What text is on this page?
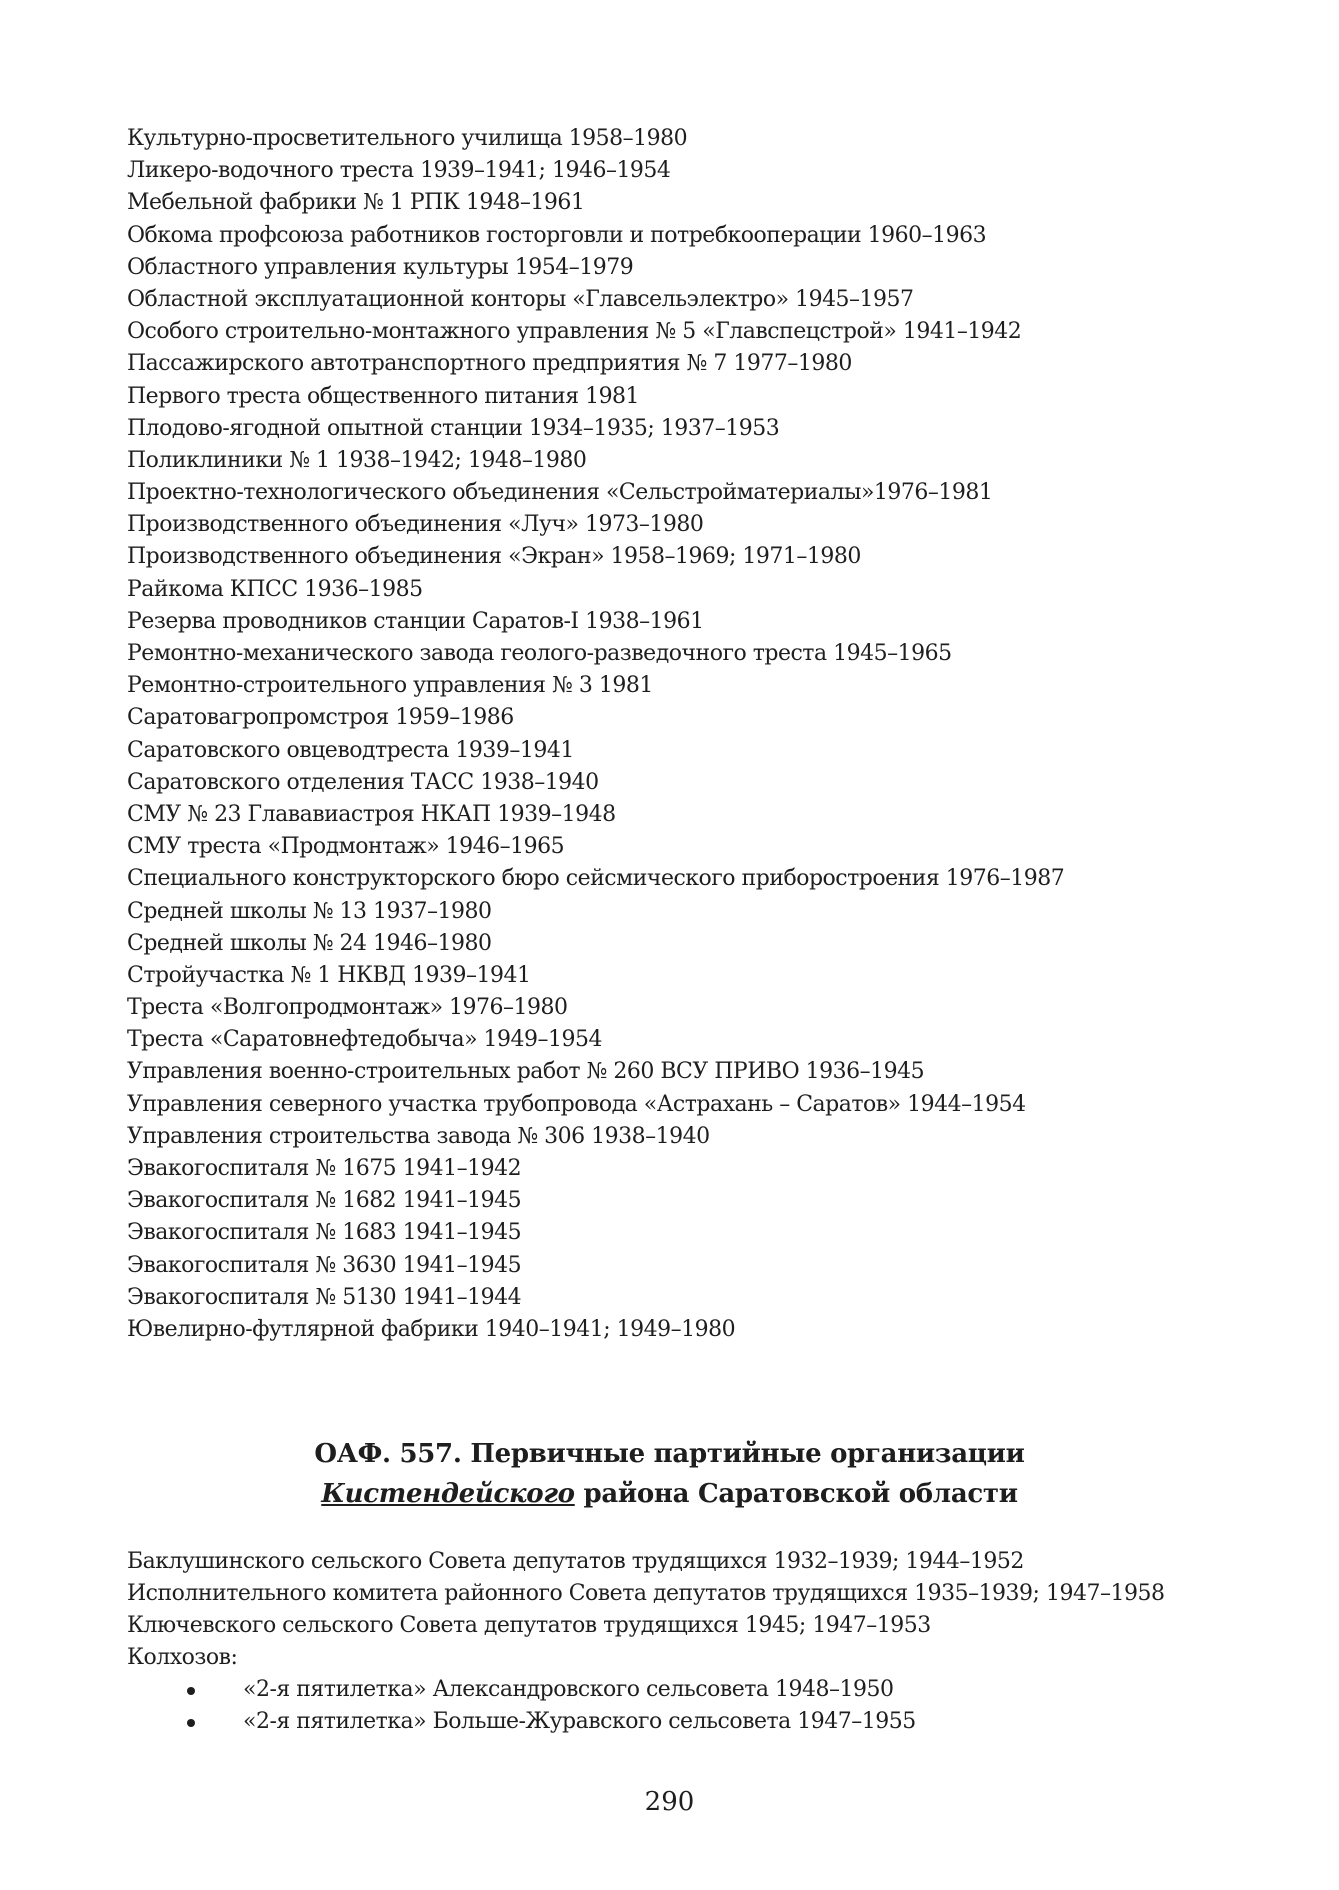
Культурно-просветительного училища 1958–1980
Ликеро-водочного треста 1939–1941; 1946–1954
Мебельной фабрики № 1 РПК 1948–1961
Обкома профсоюза работников госторговли и потребкооперации 1960–1963
Областного управления культуры 1954–1979
Областной эксплуатационной конторы «Главсельэлектро» 1945–1957
Особого строительно-монтажного управления № 5 «Главспецстрой» 1941–1942
Пассажирского автотранспортного предприятия № 7 1977–1980
Первого треста общественного питания 1981
Плодово-ягодной опытной станции 1934–1935; 1937–1953
Поликлиники № 1 1938–1942; 1948–1980
Проектно-технологического объединения «Сельстройматериалы»1976–1981
Производственного объединения «Луч» 1973–1980
Производственного объединения «Экран» 1958–1969; 1971–1980
Райкома КПСС 1936–1985
Резерва проводников станции Саратов-I 1938–1961
Ремонтно-механического завода геолого-разведочного треста 1945–1965
Ремонтно-строительного управления № 3 1981
Саратовагропромстроя 1959–1986
Саратовского овцеводтреста 1939–1941
Саратовского отделения ТАСС 1938–1940
СМУ № 23 Глававиастроя НКАП 1939–1948
СМУ треста «Продмонтаж» 1946–1965
Специального конструкторского бюро сейсмического приборостроения 1976–1987
Средней школы № 13 1937–1980
Средней школы № 24 1946–1980
Стройучастка № 1 НКВД 1939–1941
Треста «Волгопродмонтаж» 1976–1980
Треста «Саратовнефтедобыча» 1949–1954
Управления военно-строительных работ № 260 ВСУ ПРИВО 1936–1945
Управления северного участка трубопровода «Астрахань – Саратов» 1944–1954
Управления строительства завода № 306 1938–1940
Эвакогоспиталя № 1675 1941–1942
Эвакогоспиталя № 1682 1941–1945
Эвакогоспиталя № 1683 1941–1945
Эвакогоспиталя № 3630 1941–1945
Эвакогоспиталя № 5130 1941–1944
Ювелирно-футлярной фабрики 1940–1941; 1949–1980
ОАФ. 557. Первичные партийные организации
Кистендейского района Саратовской области
Баклушинского сельского Совета депутатов трудящихся 1932–1939; 1944–1952
Исполнительного комитета районного Совета депутатов трудящихся 1935–1939; 1947–1958
Ключевского сельского Совета депутатов трудящихся 1945; 1947–1953
Колхозов:
«2-я пятилетка» Александровского сельсовета 1948–1950
«2-я пятилетка» Больше-Журавского сельсовета 1947–1955
290
